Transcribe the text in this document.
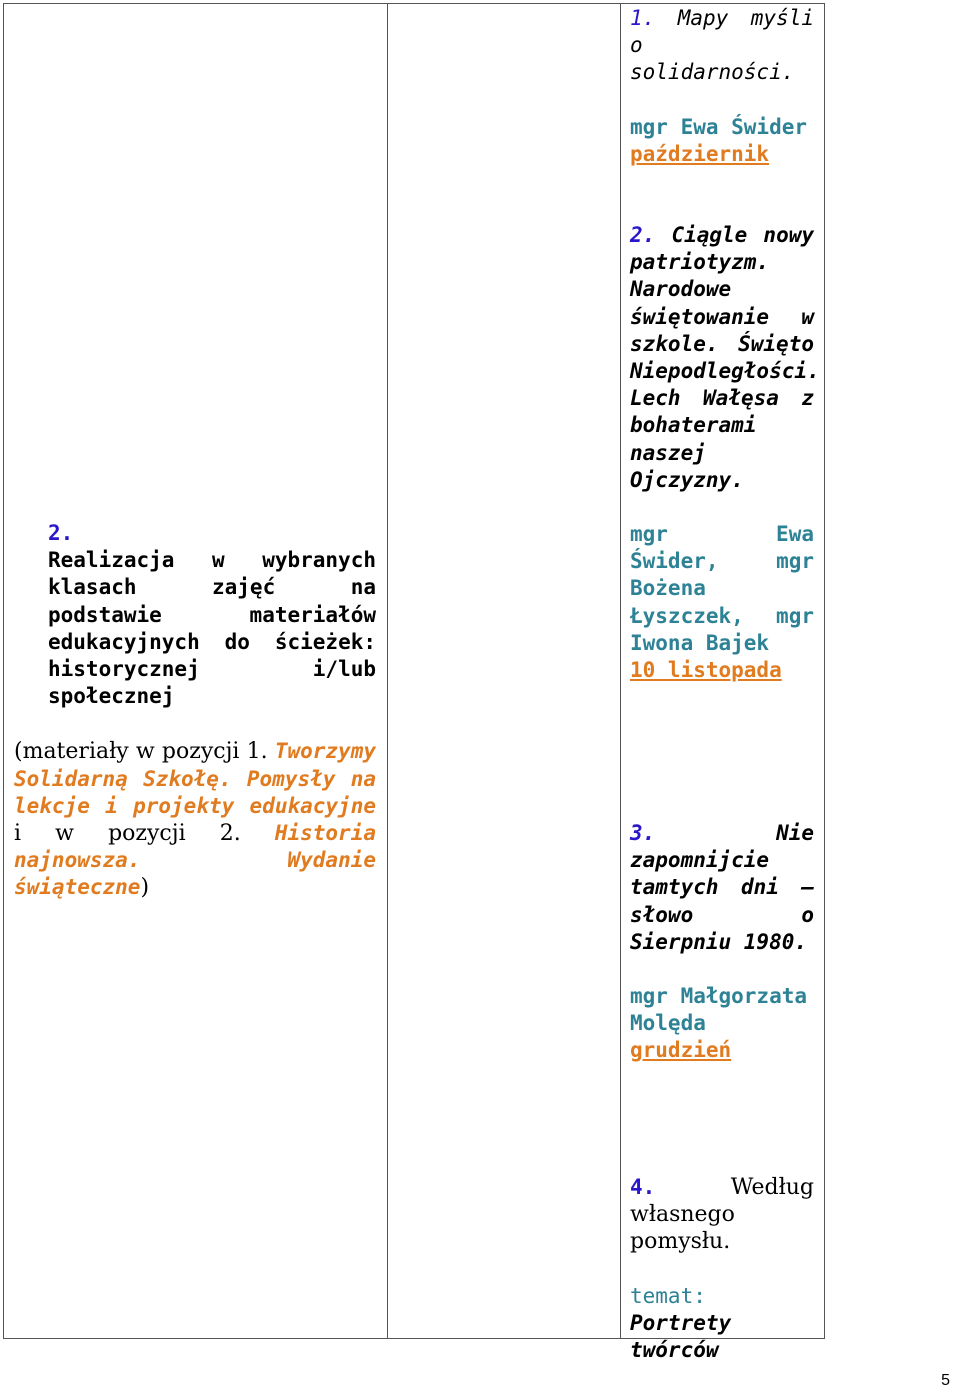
2.
Realizacja w wybranych klasach zajęć na podstawie materiałów edukacyjnych do ścieżek: historycznej i/lub społecznej

(materiały w pozycji 1. Tworzymy Solidarną Szkołę. Pomysły na lekcje i projekty edukacyjne i w pozycji 2. Historia najnowsza. Wydanie świąteczne)

1. Mapy myśli o solidarności.

mgr Ewa Świder

październik

2. Ciągle nowy patriotyzm. Narodowe świętowanie w szkole. Święto Niepodległości. Lech Wałęsa z bohaterami naszej Ojczyzny.

mgr Ewa Świder, mgr Bożena Łyszczek, mgr Iwona Bajek

10 listopada

3.	Nie zapomnijcie tamtych dni – słowo o Sierpniu 1980.

mgr Małgorzata Molęda

grudzień

4.	Według własnego pomysłu.

temat: Portrety twórców

5
